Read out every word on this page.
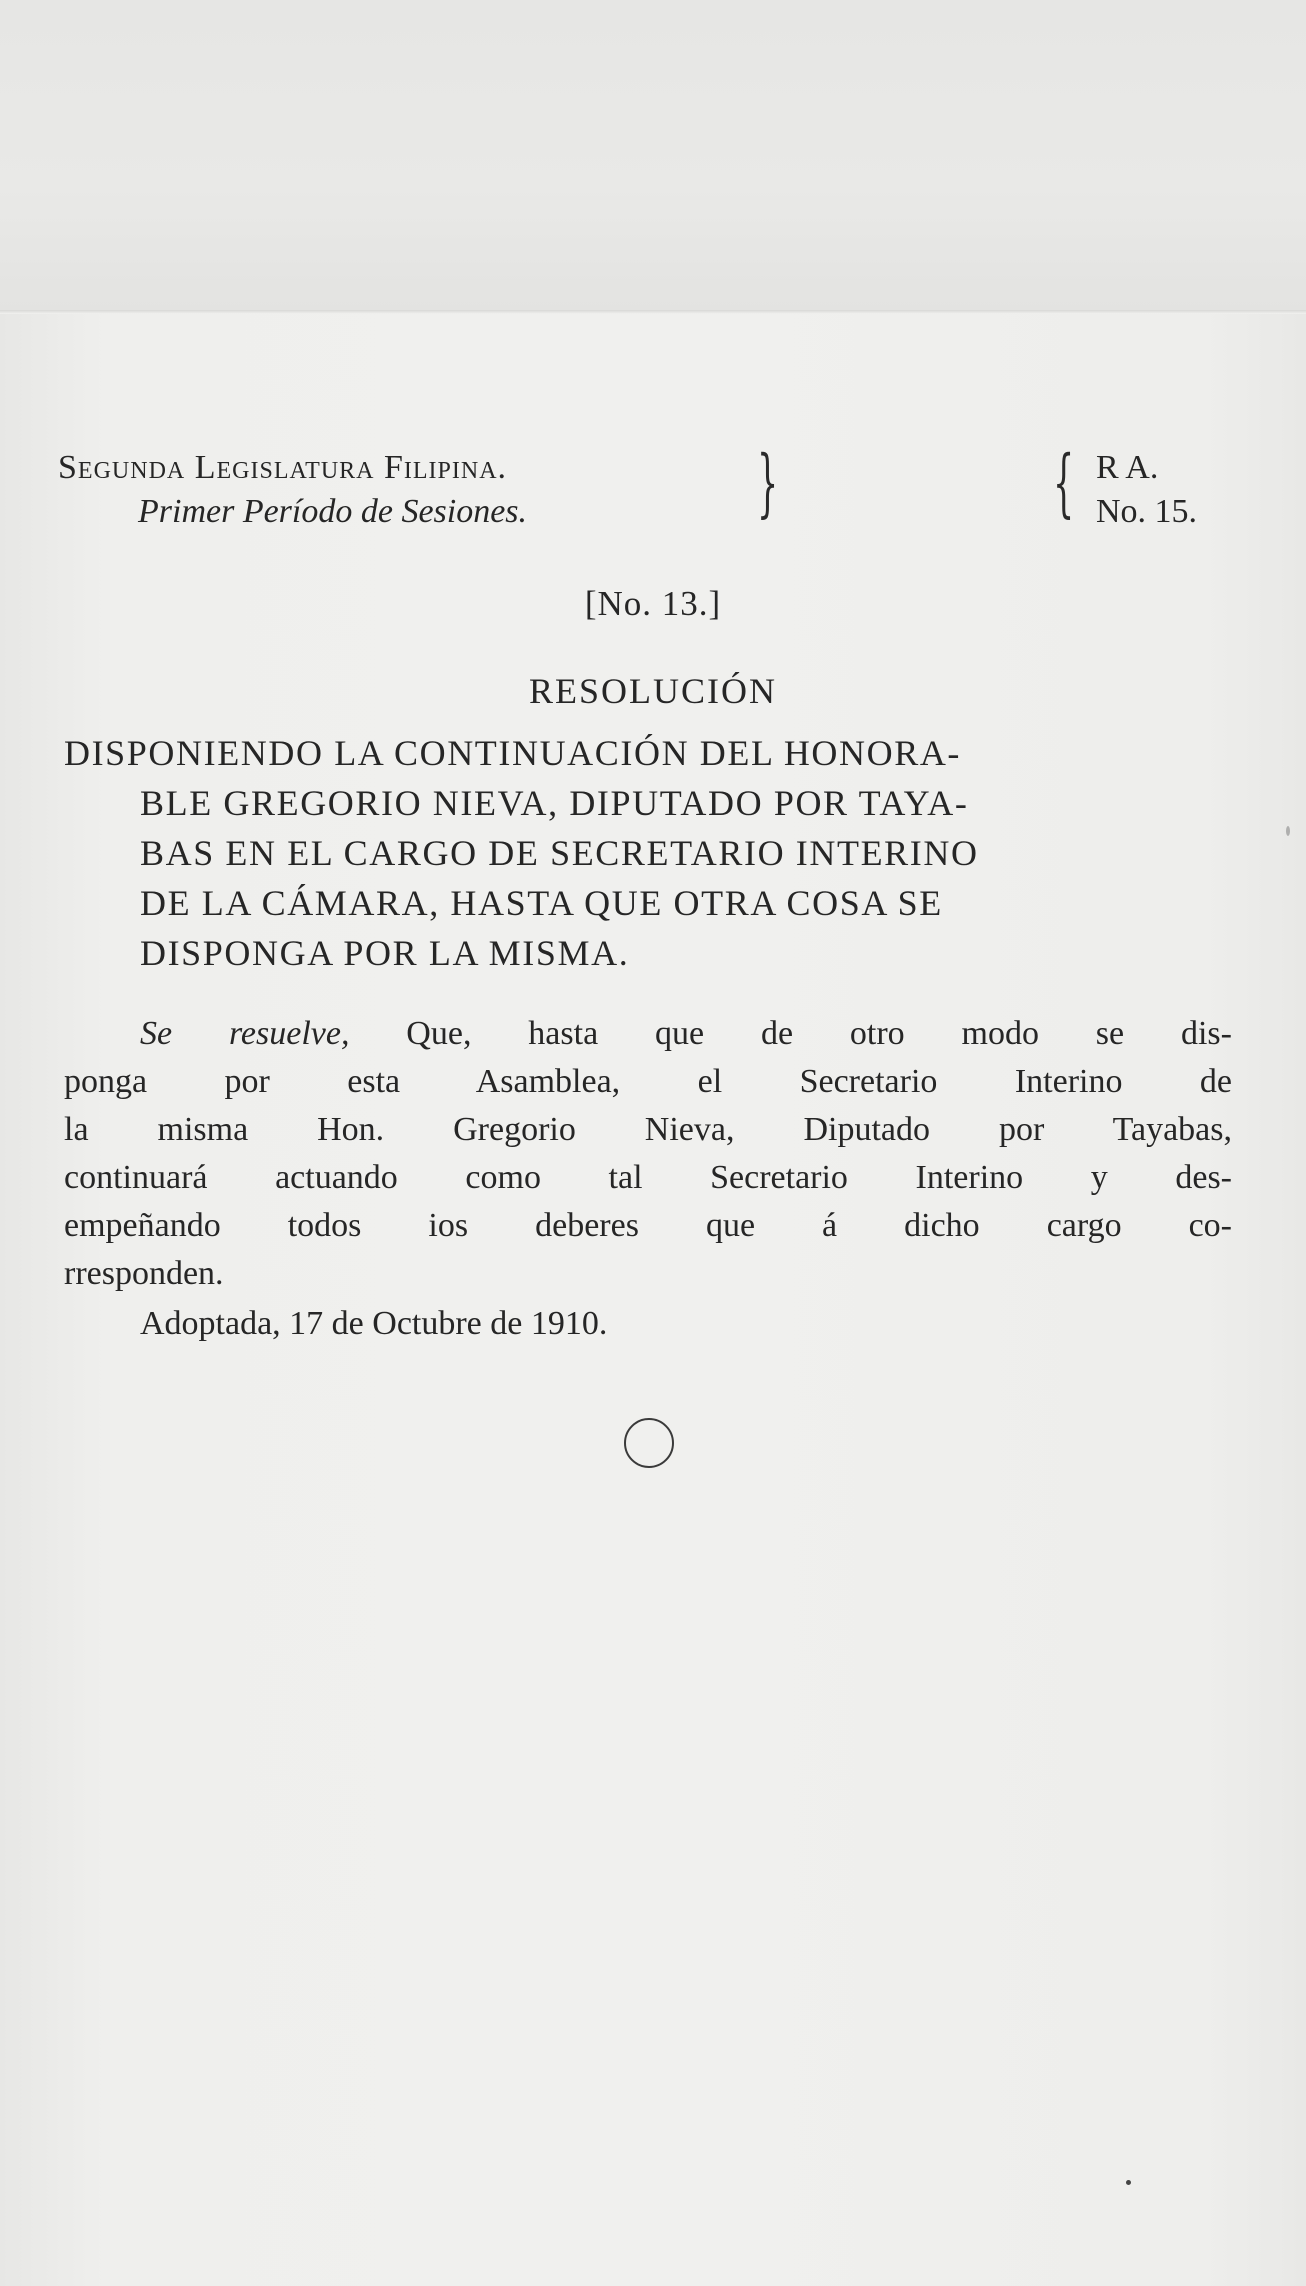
Segunda Legislatura Filipina.
Primer Período de Sesiones.	}	{ R A.
No. 15.
[No. 13.]
RESOLUCIÓN
DISPONIENDO LA CONTINUACIÓN DEL HONORA-
BLE GREGORIO NIEVA, DIPUTADO POR TAYA-
BAS EN EL CARGO DE SECRETARIO INTERINO
DE LA CÁMARA, HASTA QUE OTRA COSA SE
DISPONGA POR LA MISMA.
Se resuelve, Que, hasta que de otro modo se dis-
ponga por esta Asamblea, el Secretario Interino de
la misma Hon. Gregorio Nieva, Diputado por Tayabas,
continuará actuando como tal Secretario Interino y des-
empeñando todos ios deberes que á dicho cargo co-
rresponden.
Adoptada, 17 de Octubre de 1910.
